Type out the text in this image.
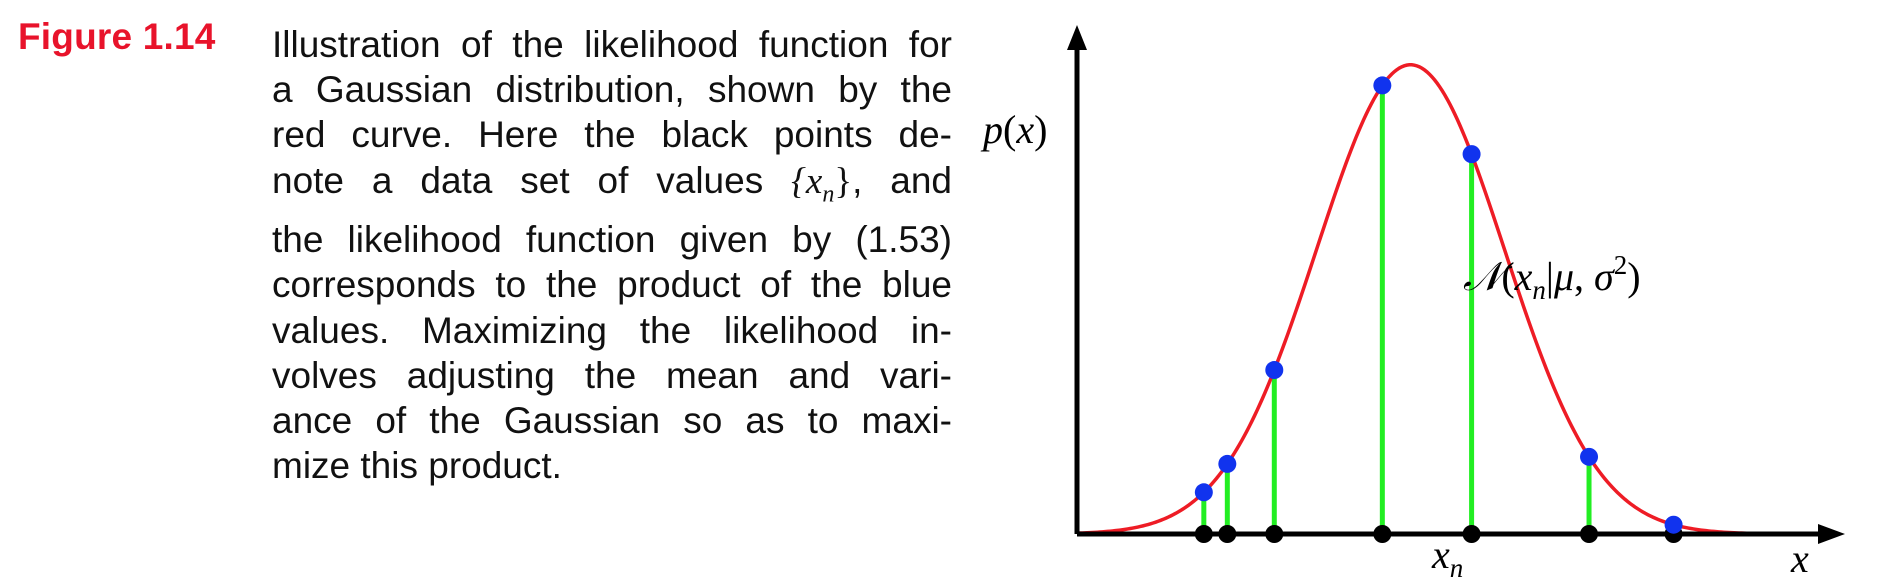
Figure 1.14 Illustration of the likelihood function for
a Gaussian distribution, shown by the
red curve. Here the black points de-
note a data set of values $\{x_n\}$, and
the likelihood function given by (1.53)
corresponds to the product of the blue
values. Maximizing the likelihood in-
volves adjusting the mean and vari-
ance of the Gaussian so as to maxi-
mize this product.
p(x)
x
$x_n$
$𝒩(x_n|\mu$, $\sigma^2$)
